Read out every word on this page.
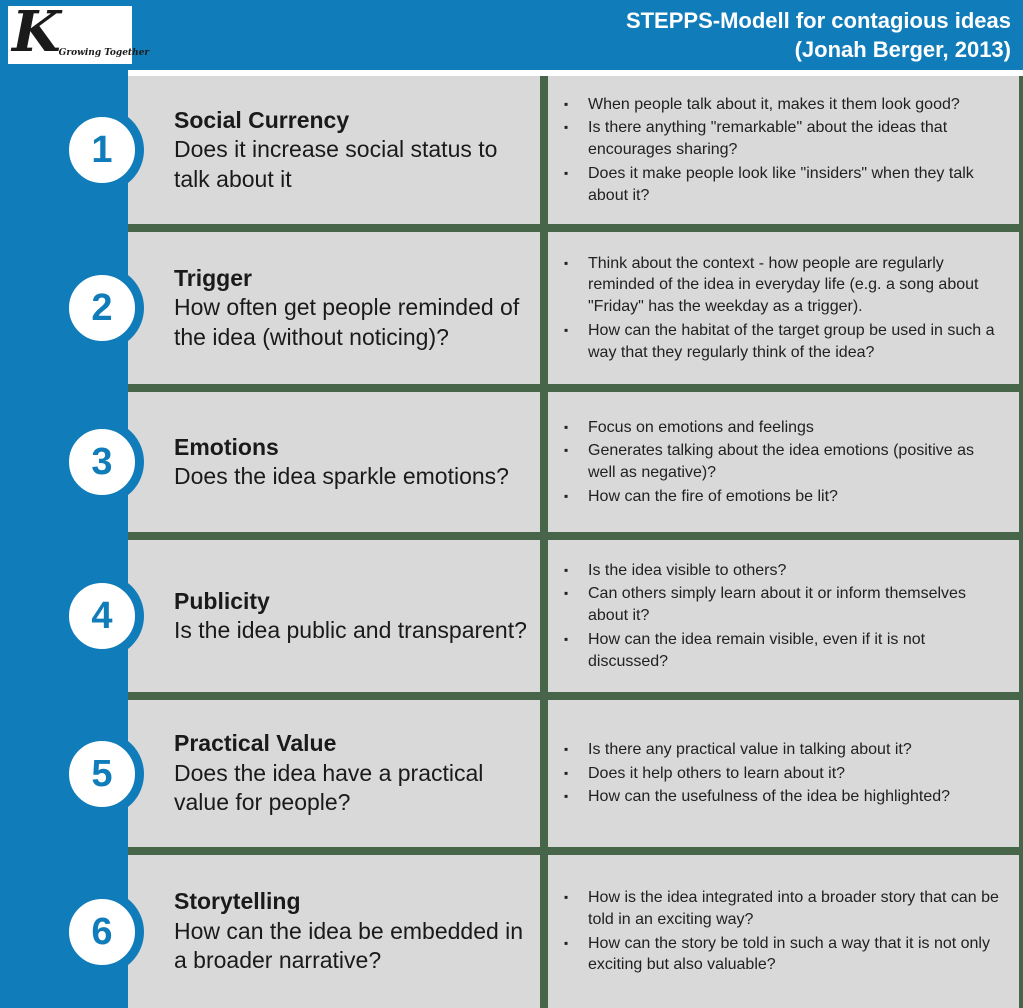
K Growing Together
STEPPS-Modell for contagious ideas
(Jonah Berger, 2013)
1
Social Currency
Does it increase social status to talk about it
▪ When people talk about it, makes it them look good?
▪ Is there anything "remarkable" about the ideas that encourages sharing?
▪ Does it make people look like "insiders" when they talk about it?
2
Trigger
How often get people reminded of the idea (without noticing)?
▪ Think about the context - how people are regularly reminded of the idea in everyday life (e.g. a song about "Friday" has the weekday as a trigger).
▪ How can the habitat of the target group be used in such a way that they regularly think of the idea?
3	Emotions
Does the idea sparkle emotions?
▪ Focus on emotions and feelings
▪ Generates talking about the idea emotions (positive as well as negative)?
▪ How can the fire of emotions be lit?
4	Publicity
Is the idea public and transparent?
▪ Is the idea visible to others?
▪ Can others simply learn about it or inform themselves about it?
▪ How can the idea remain visible, even if it is not discussed?
5
Practical Value
Does the idea have a practical value for people?
▪ Is there any practical value in talking about it?
▪ Does it help others to learn about it?
▪ How can the usefulness of the idea be highlighted?
6
Storytelling
How can the idea be embedded in a broader narrative?
▪ How is the idea integrated into a broader story that can be told in an exciting way?
▪ How can the story be told in such a way that it is not only exciting but also valuable?
